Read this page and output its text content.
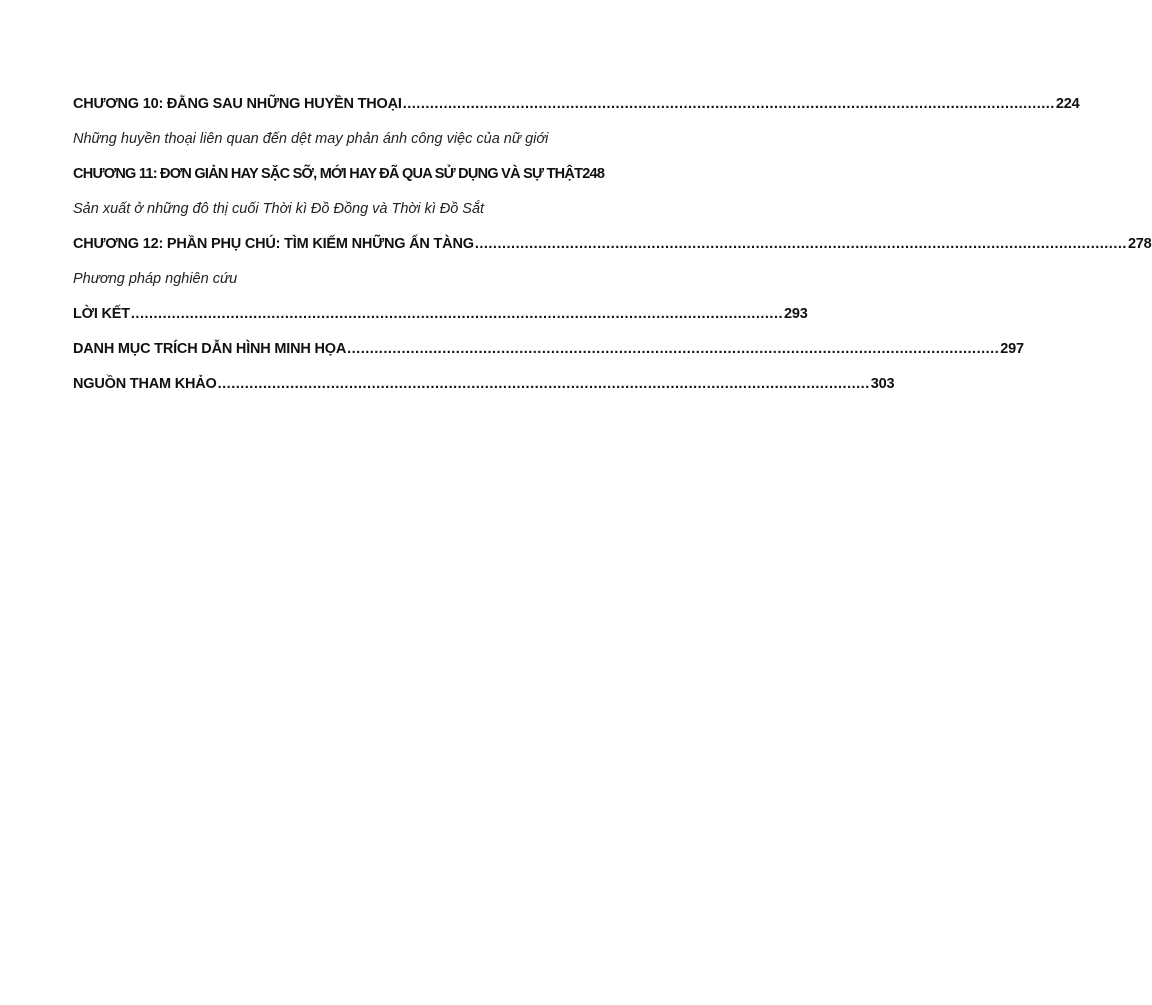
CHƯƠNG 10: ĐẰNG SAU NHỮNG HUYỀN THOẠI ................................................................................................................................................ 224
Những huyền thoại liên quan đến dệt may phản ánh công việc của nữ giới
CHƯƠNG 11: ĐƠN GIẢN HAY SẶC SỠ, MỚI HAY ĐÃ QUA SỬ DỤNG VÀ SỰ THẬT 248
Sản xuất ở những đô thị cuối Thời kì Đồ Đồng và Thời kì Đồ Sắt
CHƯƠNG 12: PHẦN PHỤ CHÚ: TÌM KIẾM NHỮNG ẨN TÀNG ................................................................................................................................................ 278
Phương pháp nghiên cứu
LỜI KẾT ................................................................................................................................................ 293
DANH MỤC TRÍCH DẪN HÌNH MINH HỌA ................................................................................................................................................ 297
NGUỒN THAM KHẢO ................................................................................................................................................ 303
